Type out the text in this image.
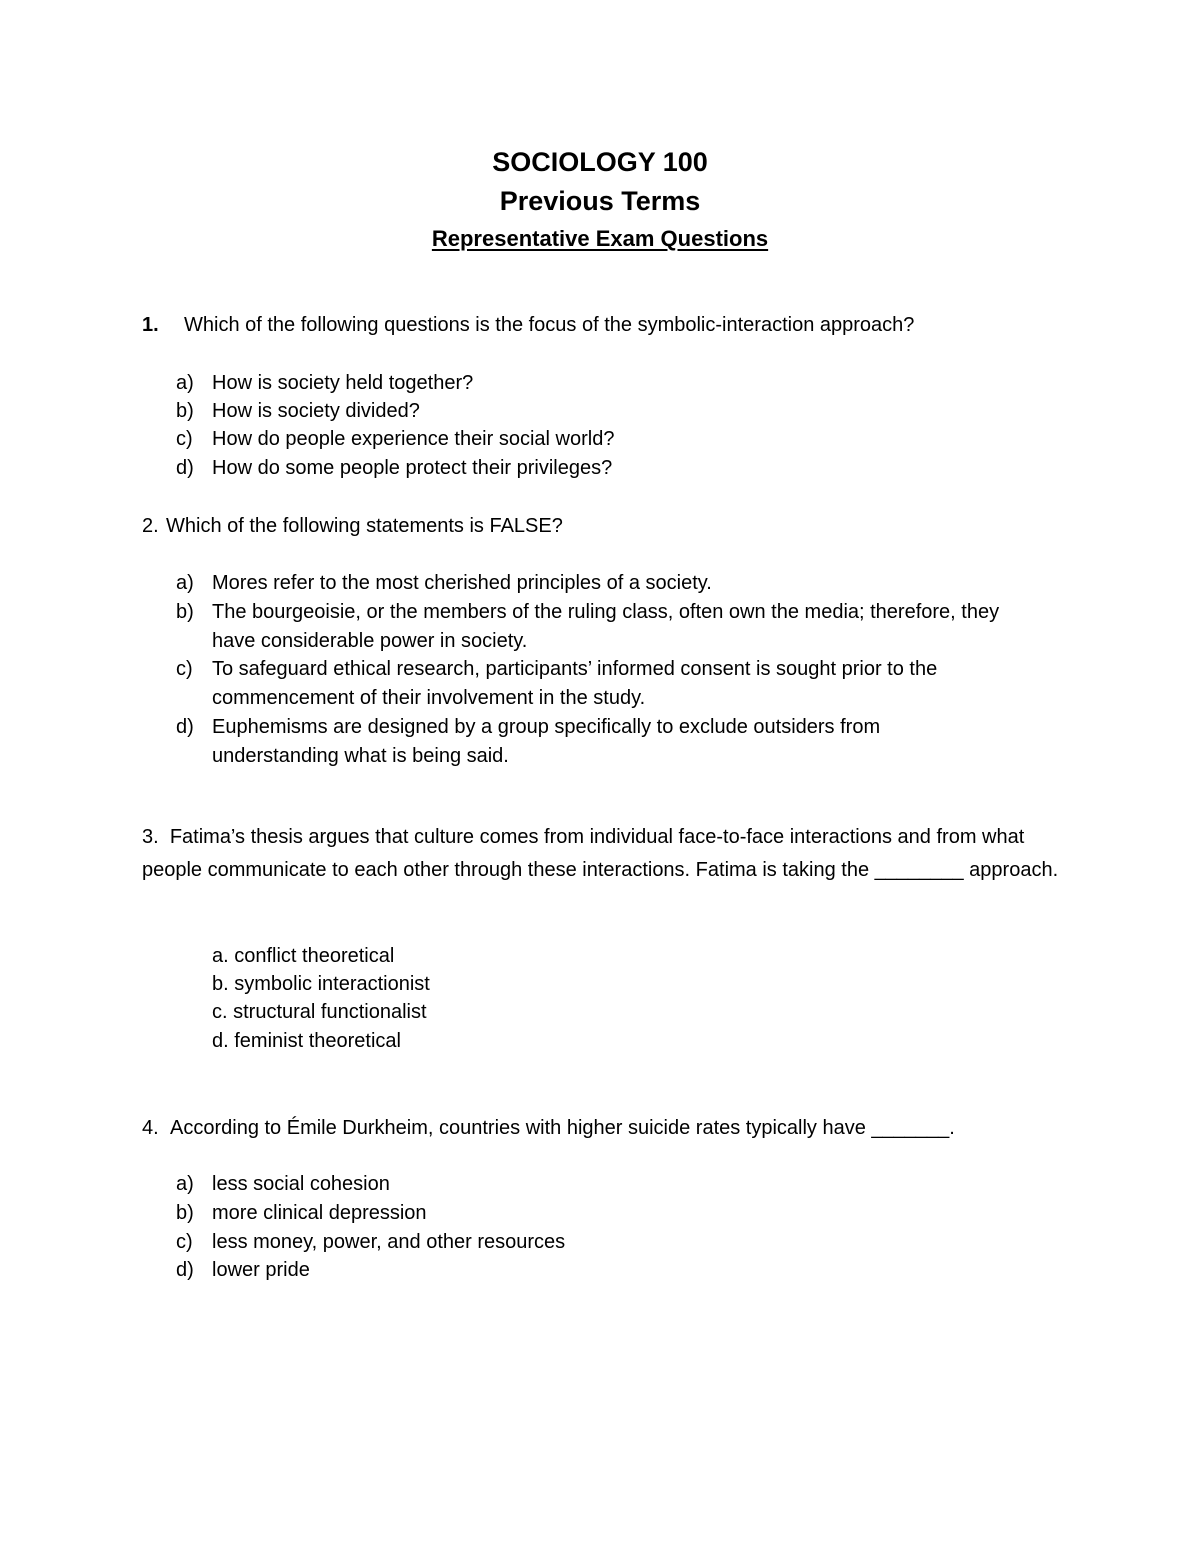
SOCIOLOGY 100
Previous Terms
Representative Exam Questions
1. Which of the following questions is the focus of the symbolic-interaction approach?
a) How is society held together?
b) How is society divided?
c) How do people experience their social world?
d) How do some people protect their privileges?
2. Which of the following statements is FALSE?
a) Mores refer to the most cherished principles of a society.
b) The bourgeoisie, or the members of the ruling class, often own the media; therefore, they have considerable power in society.
c) To safeguard ethical research, participants’ informed consent is sought prior to the commencement of their involvement in the study.
d) Euphemisms are designed by a group specifically to exclude outsiders from understanding what is being said.
3. Fatima’s thesis argues that culture comes from individual face-to-face interactions and from what people communicate to each other through these interactions. Fatima is taking the ________ approach.
a. conflict theoretical
b. symbolic interactionist
c. structural functionalist
d. feminist theoretical
4. According to Émile Durkheim, countries with higher suicide rates typically have _______.
a) less social cohesion
b) more clinical depression
c) less money, power, and other resources
d) lower pride
